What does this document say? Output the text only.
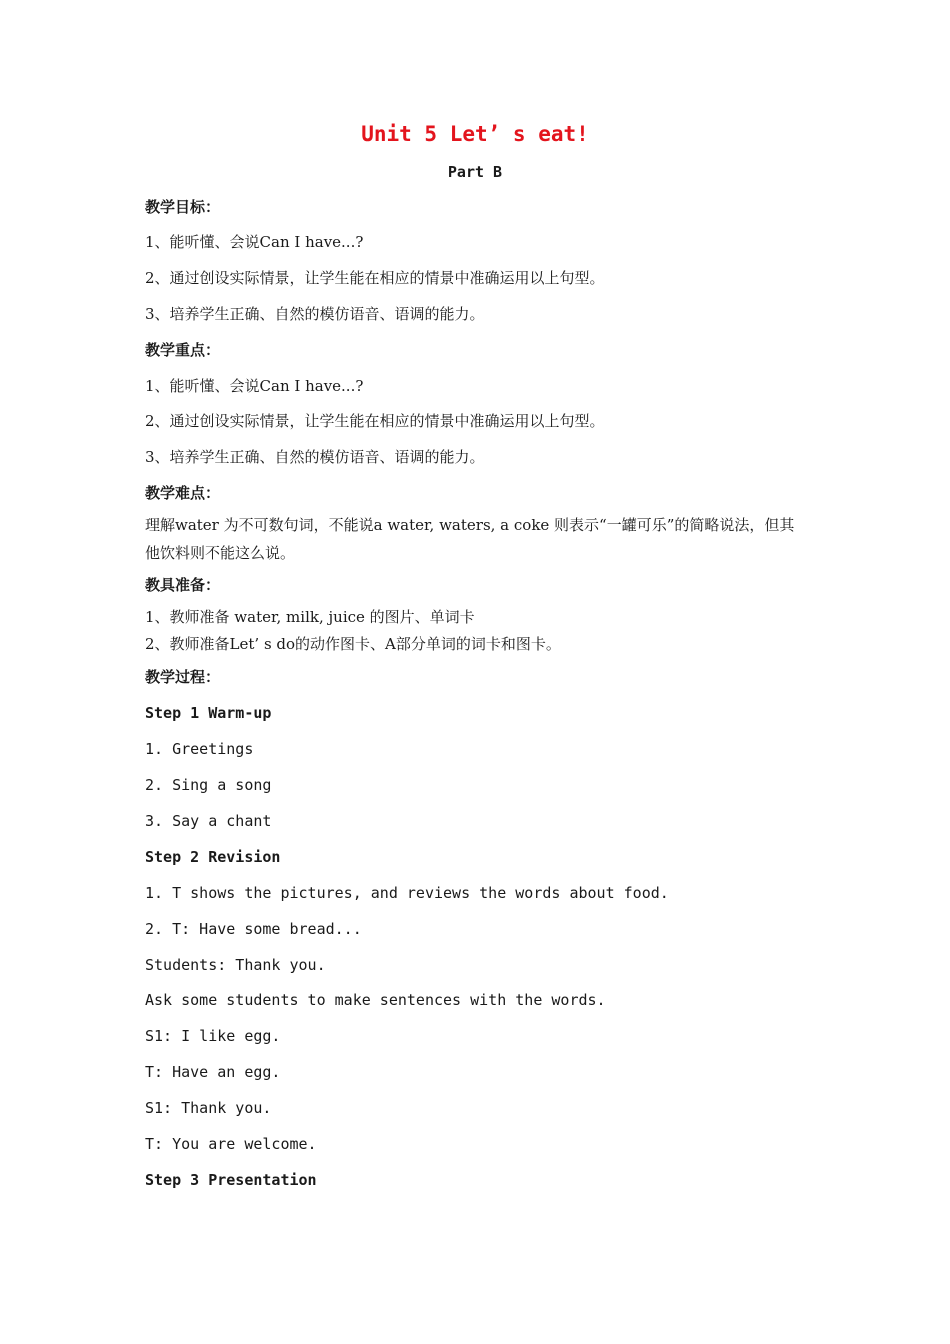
Unit 5 Let’ s eat!
Part B
教学目标：
1、能听懂、会说Can I have...?
2、通过创设实际情景，让学生能在相应的情景中准确运用以上句型。
3、培养学生正确、自然的模仿语音、语调的能力。
教学重点：
1、能听懂、会说Can I have...?
2、通过创设实际情景，让学生能在相应的情景中准确运用以上句型。
3、培养学生正确、自然的模仿语音、语调的能力。
教学难点：
理解water 为不可数句词，不能说a water, waters, a coke 则表示“一罐可乐”的简略说法，但其他饮料则不能这么说。
教具准备：
1、教师准备 water, milk, juice 的图片、单词卡
2、教师准备Let’ s do的动作图卡、A部分单词的词卡和图卡。
教学过程：
Step 1 Warm-up
1. Greetings
2. Sing a song
3. Say a chant
Step 2 Revision
1. T shows the pictures, and reviews the words about food.
2. T: Have some bread...
Students: Thank you.
Ask some students to make sentences with the words.
S1: I like egg.
T: Have an egg.
S1: Thank you.
T: You are welcome.
Step 3 Presentation
